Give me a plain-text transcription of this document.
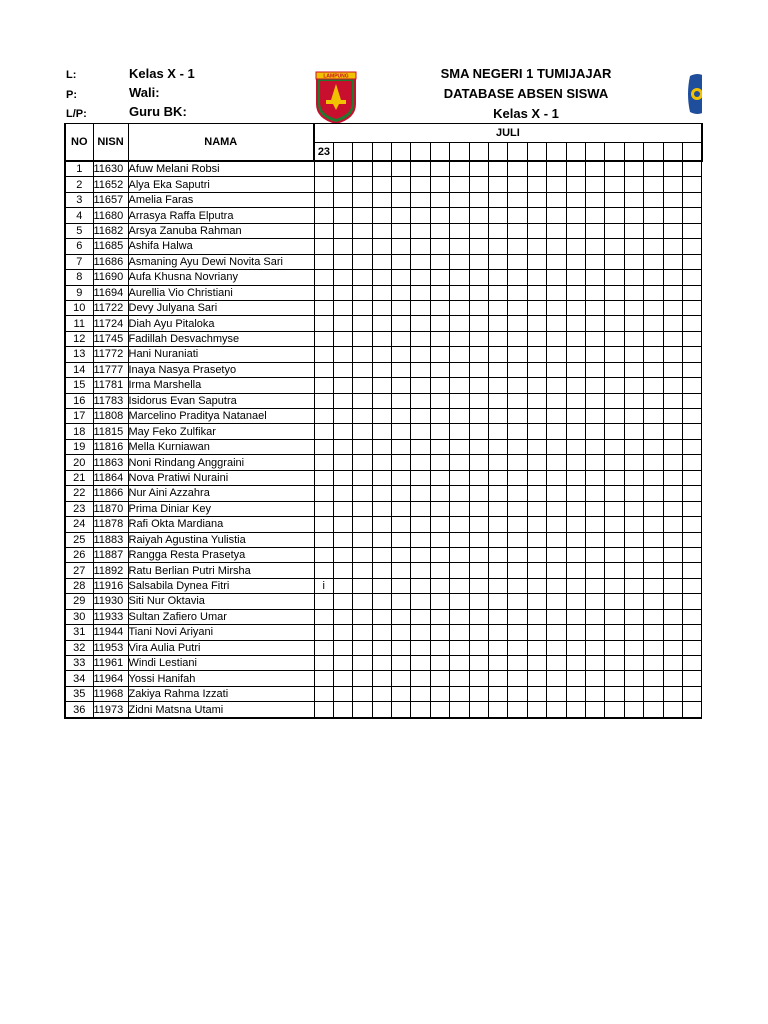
L:
P:
L/P:
Kelas X - 1
Wali:
Guru BK:
LAMPUNG	SMA NEGERI 1 TUMIJAJAR
DATABASE ABSEN SISWA
Kelas X - 1
NO	NISN	NAMA	JULI																			
			23																			
1	11630	Afuw Melani Robsi																				
2	11652	Alya Eka Saputri																				
3	11657	Amelia Faras																				
4	11680	Arrasya Raffa Elputra																				
5	11682	Arsya Zanuba Rahman																				
6	11685	Ashifa Halwa																				
7	11686	Asmaning Ayu Dewi Novita Sari																				
8	11690	Aufa Khusna Novriany																				
9	11694	Aurellia Vio Christiani																				
10	11722	Devy Julyana Sari																				
11	11724	Diah Ayu Pitaloka																				
12	11745	Fadillah Desvachmyse																				
13	11772	Hani Nuraniati																				
14	11777	Inaya Nasya Prasetyo																				
15	11781	Irma Marshella																				
16	11783	Isidorus Evan Saputra																				
17	11808	Marcelino Praditya Natanael																				
18	11815	May Feko Zulfikar																				
19	11816	Mella Kurniawan																				
20	11863	Noni Rindang Anggraini																				
21	11864	Nova Pratiwi Nuraini																				
22	11866	Nur Aini Azzahra																				
23	11870	Prima Diniar Key																				
24	11878	Rafi Okta Mardiana																				
25	11883	Raiyah Agustina Yulistia																				
26	11887	Rangga Resta Prasetya																				
27	11892	Ratu Berlian Putri Mirsha																				
28	11916	Salsabila Dynea Fitri	i																			
29	11930	Siti Nur Oktavia																				
30	11933	Sultan Zafiero Umar																				
31	11944	Tiani Novi Ariyani																				
32	11953	Vira Aulia Putri																				
33	11961	Windi Lestiani																				
34	11964	Yossi Hanifah																				
35	11968	Zakiya Rahma Izzati																				
36	11973	Zidni Matsna Utami																				
